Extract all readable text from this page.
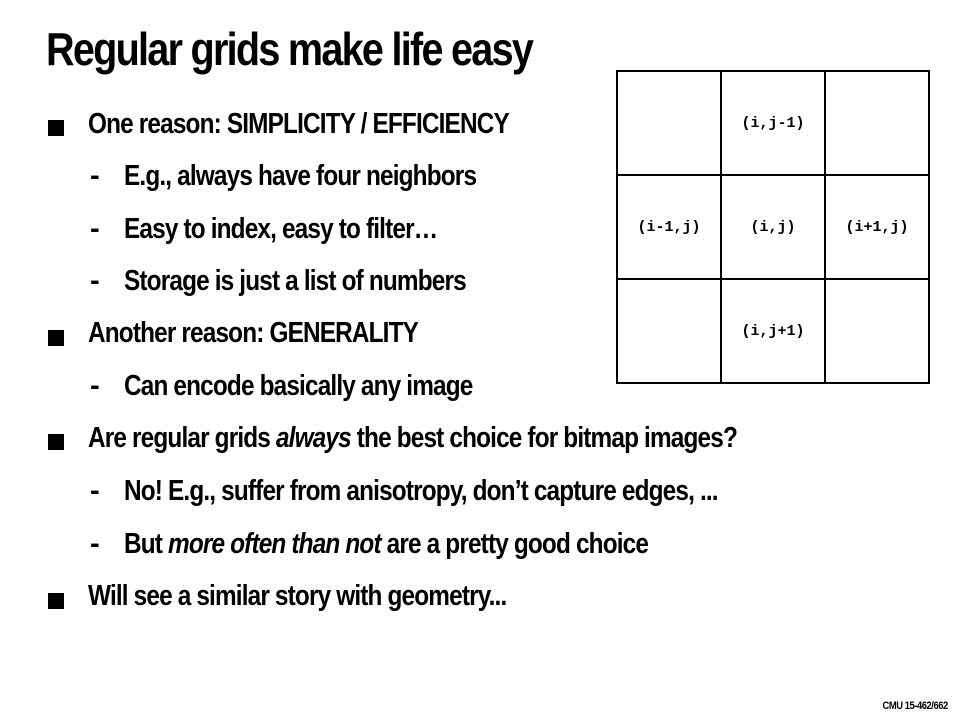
Regular grids make life easy
One reason: SIMPLICITY / EFFICIENCY
- E.g., always have four neighbors
- Easy to index, easy to filter…
- Storage is just a list of numbers
Another reason: GENERALITY
- Can encode basically any image
Are regular grids always the best choice for bitmap images?
- No! E.g., suffer from anisotropy, don’t capture edges, ...
- But more often than not are a pretty good choice
Will see a similar story with geometry...
(i,j-1)
(i-1,j)	(i,j)	(i+1,j)
(i,j+1)
CMU 15-462/662
